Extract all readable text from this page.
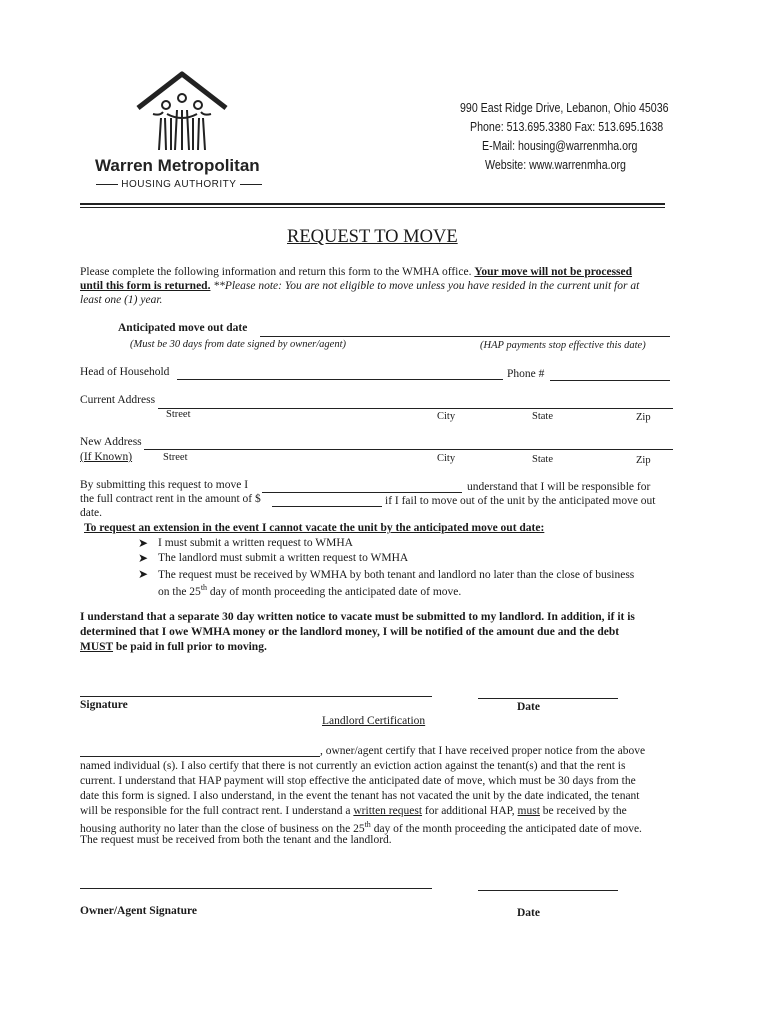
Warren Metropolitan
HOUSING AUTHORITY
990 East Ridge Drive, Lebanon, Ohio 45036
Phone: 513.695.3380 Fax: 513.695.1638
E-Mail: housing@warrenmha.org
Website: www.warrenmha.org
REQUEST TO MOVE
Please complete the following information and return this form to the WMHA office. Your move will not be processed
until this form is returned. **Please note: You are not eligible to move unless you have resided in the current unit for at
least one (1) year.
Anticipated move out date
(Must be 30 days from date signed by owner/agent)	(HAP payments stop effective this date)
Head of Household	Phone #
Current Address
Street	City	State	Zip
New Address
(If Known)	Street	City	State	Zip
By submitting this request to move I	understand that I will be responsible for
the full contract rent in the amount of $	if I fail to move out of the unit by the anticipated move out
date.
To request an extension in the event I cannot vacate the unit by the anticipated move out date:
➤ I must submit a written request to WMHA
➤ The landlord must submit a written request to WMHA
➤ The request must be received by WMHA by both tenant and landlord no later than the close of business
on the 25th day of month proceeding the anticipated date of move.
I understand that a separate 30 day written notice to vacate must be submitted to my landlord. In addition, if it is
determined that I owe WMHA money or the landlord money, I will be notified of the amount due and the debt
MUST be paid in full prior to moving.
Signature	Date
Landlord Certification
, owner/agent certify that I have received proper notice from the above
named individual (s). I also certify that there is not currently an eviction action against the tenant(s) and that the rent is
current. I understand that HAP payment will stop effective the anticipated date of move, which must be 30 days from the
date this form is signed. I also understand, in the event the tenant has not vacated the unit by the date indicated, the tenant
will be responsible for the full contract rent. I understand a written request for additional HAP, must be received by the
housing authority no later than the close of business on the 25th day of the month proceeding the anticipated date of move.
The request must be received from both the tenant and the landlord.
Owner/Agent Signature	Date
